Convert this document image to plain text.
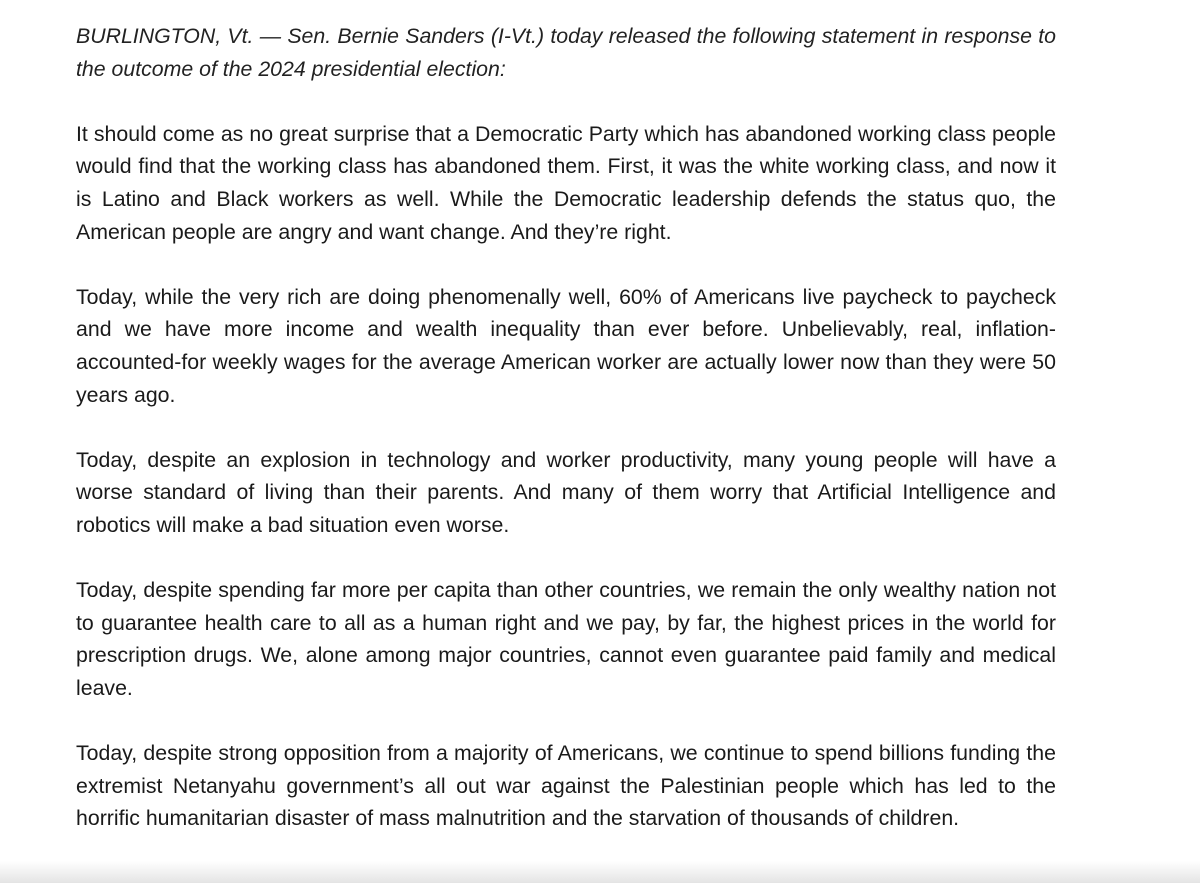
BURLINGTON, Vt. — Sen. Bernie Sanders (I-Vt.) today released the following statement in response to the outcome of the 2024 presidential election:

It should come as no great surprise that a Democratic Party which has abandoned working class people would find that the working class has abandoned them. First, it was the white working class, and now it is Latino and Black workers as well. While the Democratic leadership defends the status quo, the American people are angry and want change. And they’re right.

Today, while the very rich are doing phenomenally well, 60% of Americans live paycheck to paycheck and we have more income and wealth inequality than ever before. Unbelievably, real, inflation-accounted-for weekly wages for the average American worker are actually lower now than they were 50 years ago.

Today, despite an explosion in technology and worker productivity, many young people will have a worse standard of living than their parents. And many of them worry that Artificial Intelligence and robotics will make a bad situation even worse.

Today, despite spending far more per capita than other countries, we remain the only wealthy nation not to guarantee health care to all as a human right and we pay, by far, the highest prices in the world for prescription drugs. We, alone among major countries, cannot even guarantee paid family and medical leave.

Today, despite strong opposition from a majority of Americans, we continue to spend billions funding the extremist Netanyahu government’s all out war against the Palestinian people which has led to the horrific humanitarian disaster of mass malnutrition and the starvation of thousands of children.
